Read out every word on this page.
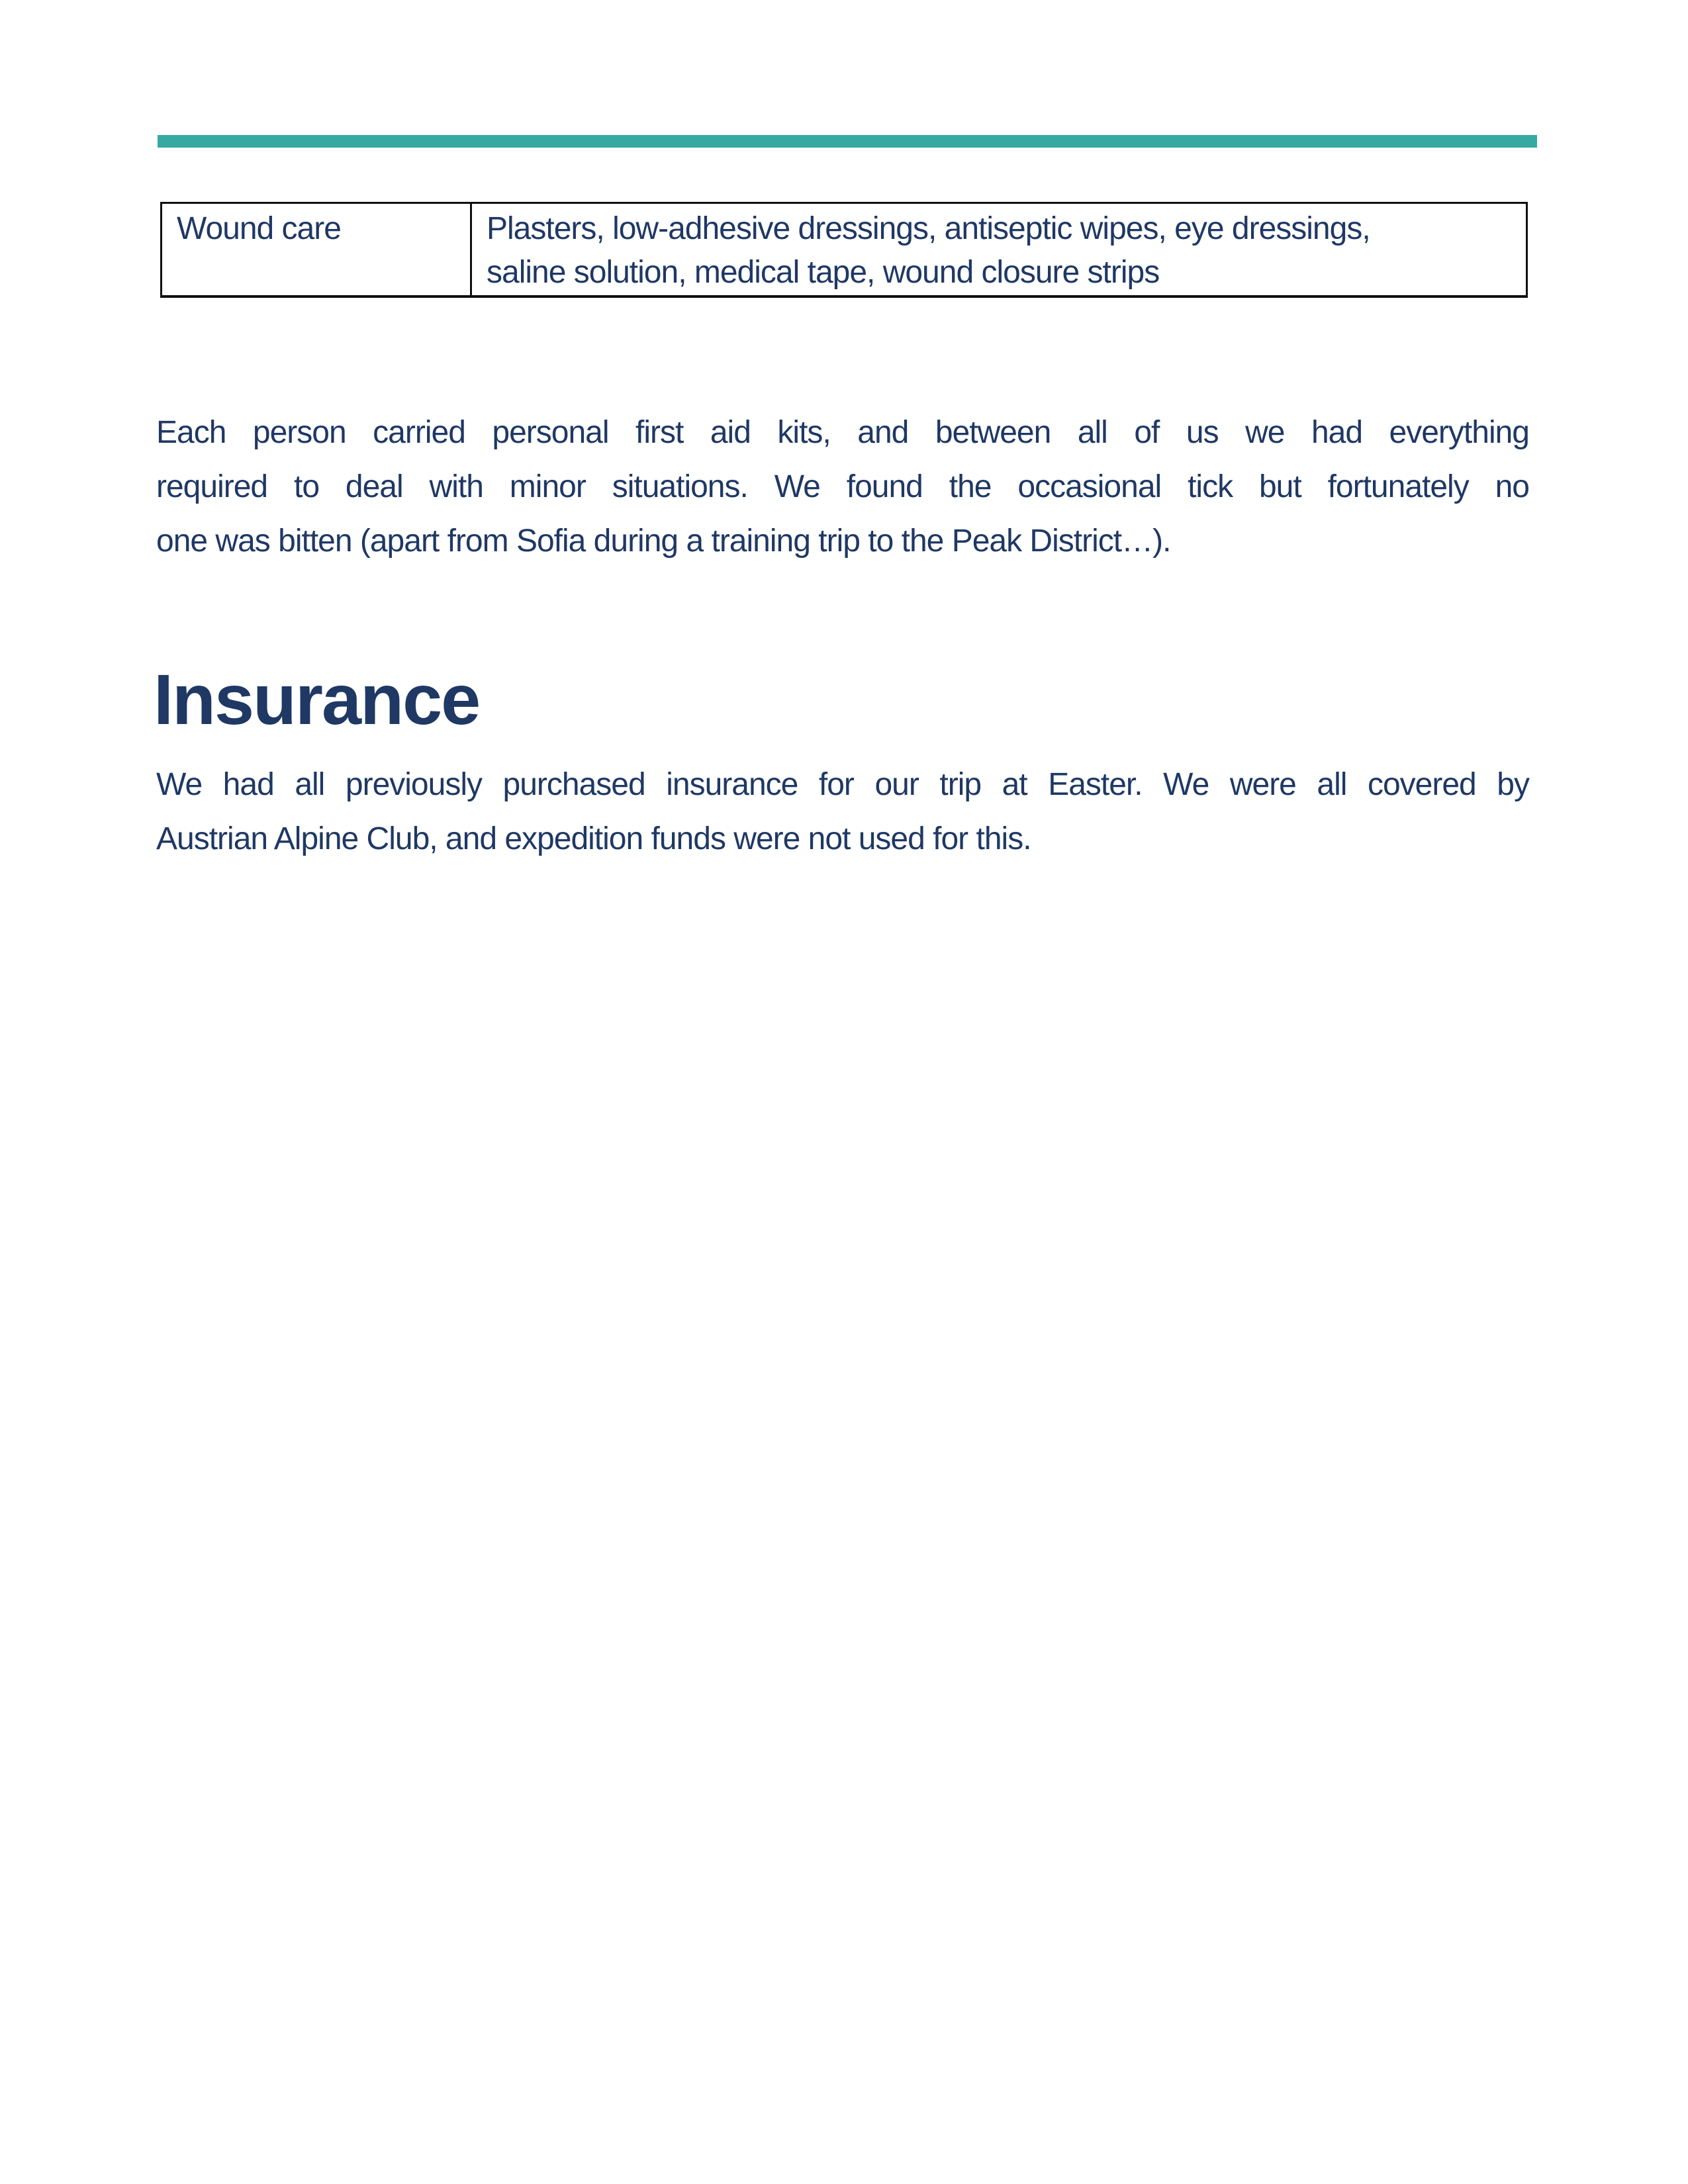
Wound care	Plasters, low-adhesive dressings, antiseptic wipes, eye dressings,
saline solution, medical tape, wound closure strips
Each person carried personal first aid kits, and between all of us we had everything
required to deal with minor situations. We found the occasional tick but fortunately no
one was bitten (apart from Sofia during a training trip to the Peak District…).
Insurance
We had all previously purchased insurance for our trip at Easter. We were all covered by
Austrian Alpine Club, and expedition funds were not used for this.
